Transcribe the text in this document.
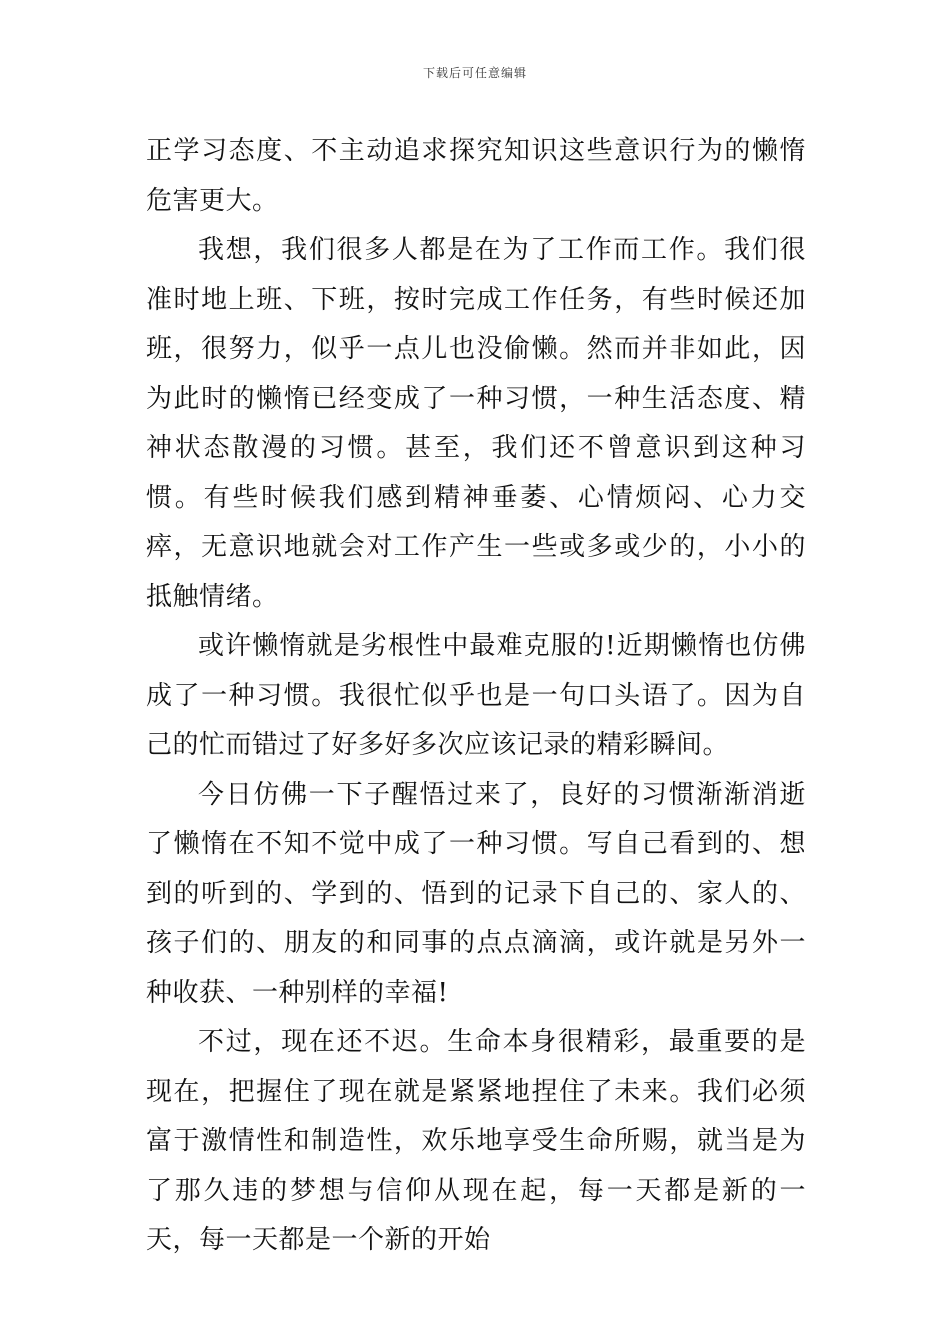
下载后可任意编辑

正学习态度、不主动追求探究知识这些意识行为的懒惰危害更大。

我想，我们很多人都是在为了工作而工作。我们很准时地上班、下班，按时完成工作任务，有些时候还加班，很努力，似乎一点儿也没偷懒。然而并非如此，因为此时的懒惰已经变成了一种习惯，一种生活态度、精神状态散漫的习惯。甚至，我们还不曾意识到这种习惯。有些时候我们感到精神垂萎、心情烦闷、心力交瘁，无意识地就会对工作产生一些或多或少的，小小的抵触情绪。

或许懒惰就是劣根性中最难克服的!近期懒惰也仿佛成了一种习惯。我很忙似乎也是一句口头语了。因为自己的忙而错过了好多好多次应该记录的精彩瞬间。

今日仿佛一下子醒悟过来了，良好的习惯渐渐消逝了懒惰在不知不觉中成了一种习惯。写自己看到的、想到的听到的、学到的、悟到的记录下自己的、家人的、孩子们的、朋友的和同事的点点滴滴，或许就是另外一种收获、一种别样的幸福!

不过，现在还不迟。生命本身很精彩，最重要的是现在，把握住了现在就是紧紧地捏住了未来。我们必须富于激情性和制造性，欢乐地享受生命所赐，就当是为了那久违的梦想与信仰从现在起，每一天都是新的一天，每一天都是一个新的开始
